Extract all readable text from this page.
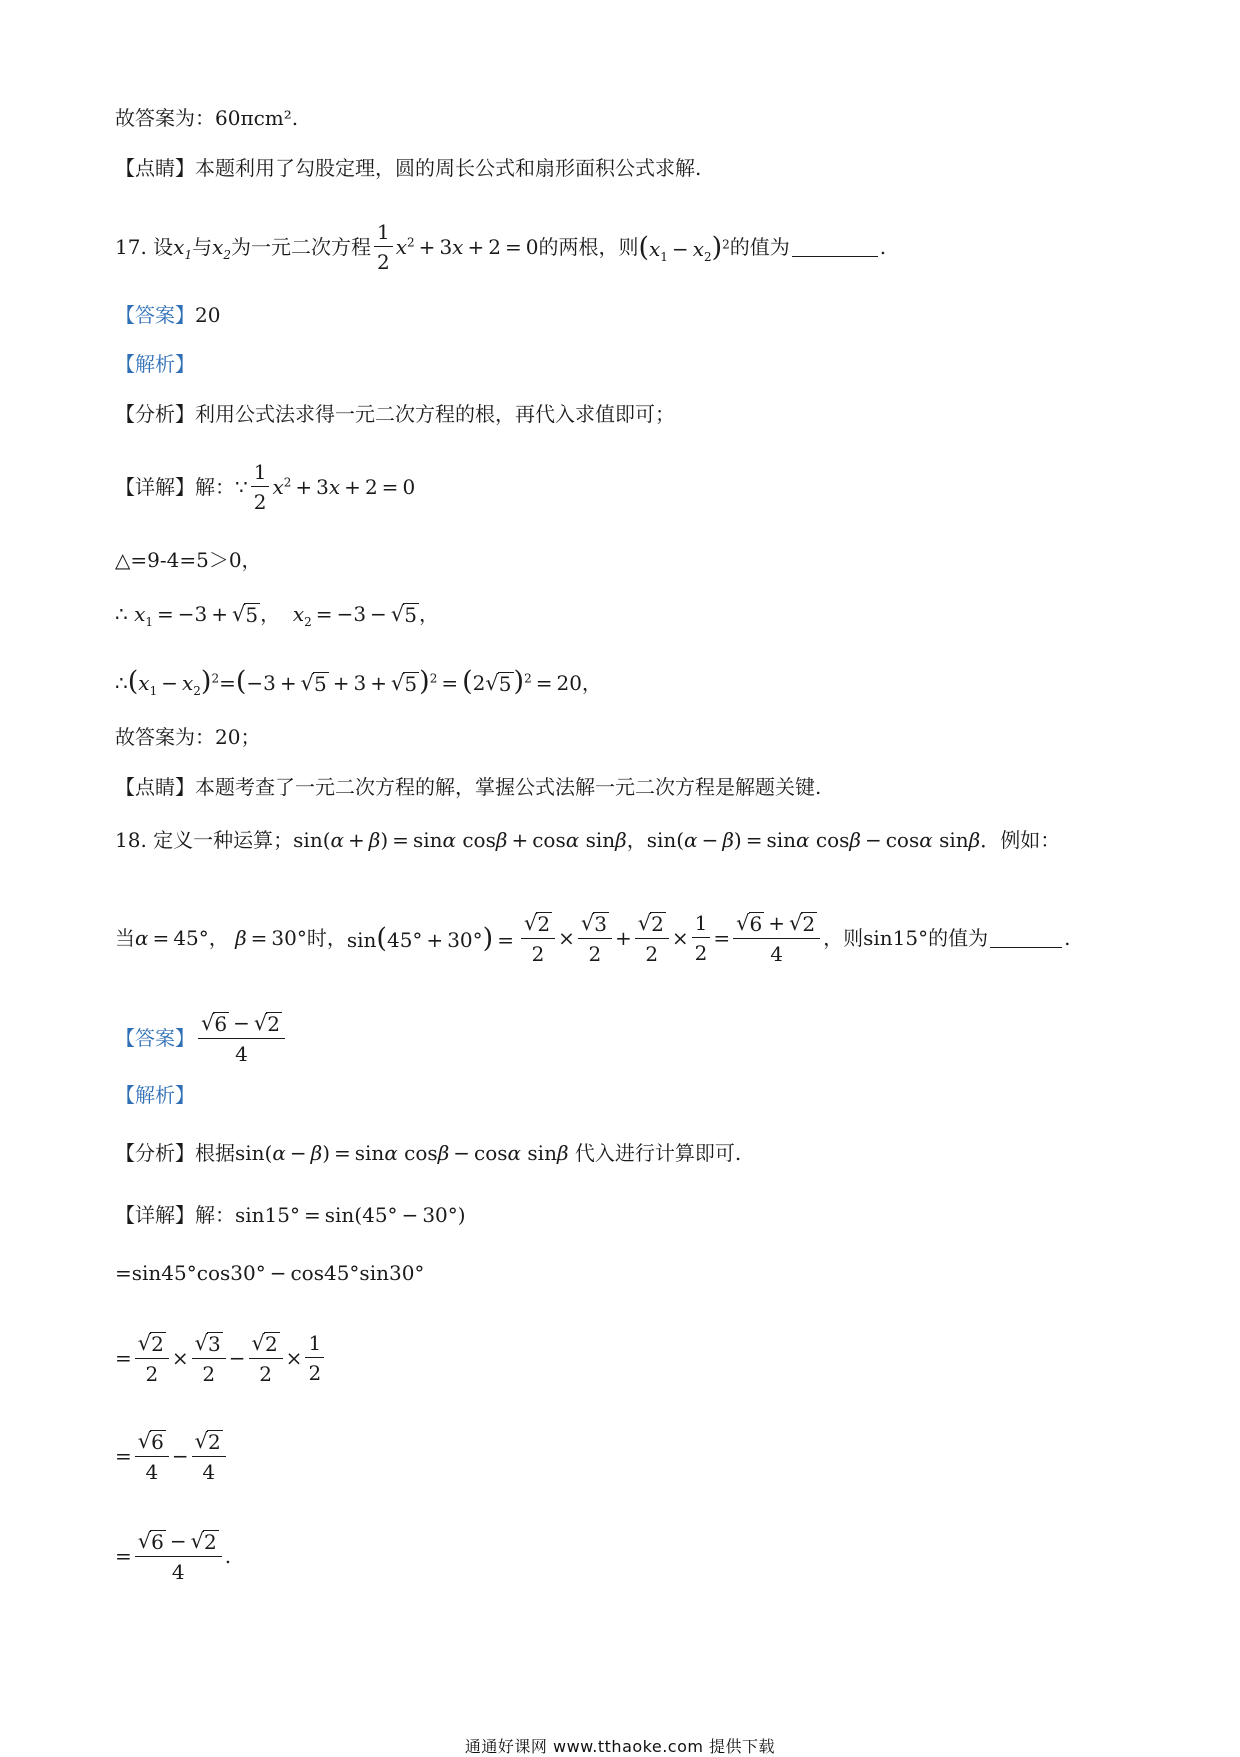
故答案为：60πcm².
【点睛】本题利用了勾股定理，圆的周长公式和扇形面积公式求解.
17.
设 $x_1$ 与 $x_2$ 为一元二次方程 $\frac{1}{2} x^2 + 3x + 2 = 0$ 的两根，则 $(x_1 - x_2)^2$ 的值为	.
【答案】 20
【解析】
【分析】利用公式法求得一元二次方程的根，再代入求值即可；
【详解】解： ∵ $\frac{1}{2} x^2 + 3x + 2 = 0$
△=9-4=5＞0，
∴ $x_1 = -3$ + √ 5 ，  $x_2 = -3$ − √ 5 ，
$\therefore(x_1 - x_2)^2=(-3$ + √ 5 + 3 + √ 5 )$^2$ = (2 √ 5 )$^2$ = 20，
故答案为：20；
【点睛】本题考查了一元二次方程的解，掌握公式法解一元二次方程是解题关键.
18.
定义一种运算； sin(α + β) = sinα cosβ + cosα sinβ，sin(α − β) = sinα cosβ − cosα sinβ． 例如：
当 α = 45°， β = 30° 时， $\sin(45^\circ + 30^\circ) = \frac{√ 2}{2} \times \frac{√ 3}{2} + \frac{√ 2}{2} \times \frac{1}{2} = \frac{√ 6 + √ 2}{4}$ ，则 sin15° 的值为	.
【答案】 $\frac{√ 6 - √ 2}{4}$
【解析】
【分析】根据 sin(α − β) = sinα cosβ − cosα sinβ 代入进行计算即可.
【详解】解： sin15° = sin(45° − 30°)
=sin45°cos30° − cos45°sin30°
= $\frac{√ 2}{2} \times \frac{√ 3}{2} - \frac{√ 2}{2} \times \frac{1}{2}$
= $\frac{√ 6}{4} - \frac{√ 2}{4}$
= $\frac{√ 6 - √ 2}{4}$ .
通通好课网 www.tthaoke.com 提供下载
